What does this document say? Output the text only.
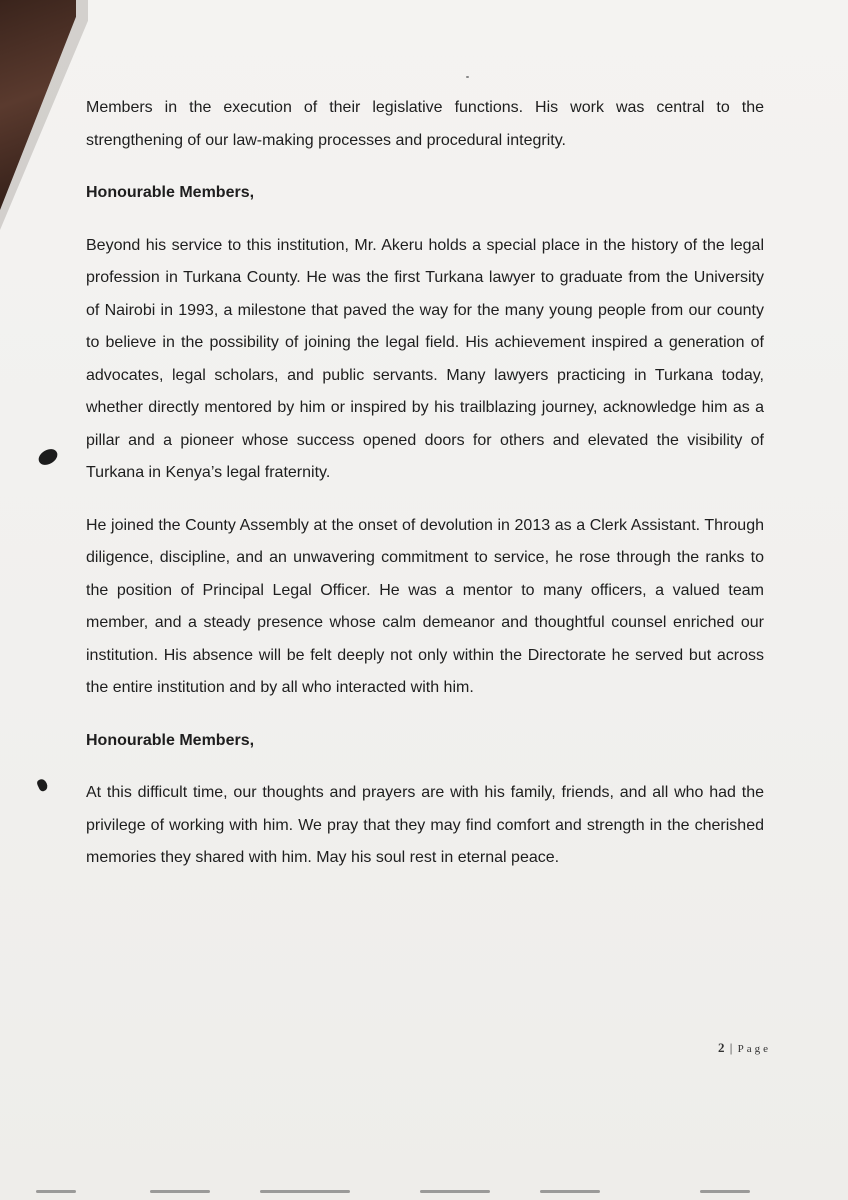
Members in the execution of their legislative functions. His work was central to the strengthening of our law-making processes and procedural integrity.

Honourable Members,

Beyond his service to this institution, Mr. Akeru holds a special place in the history of the legal profession in Turkana County. He was the first Turkana lawyer to graduate from the University of Nairobi in 1993, a milestone that paved the way for the many young people from our county to believe in the possibility of joining the legal field. His achievement inspired a generation of advocates, legal scholars, and public servants. Many lawyers practicing in Turkana today, whether directly mentored by him or inspired by his trailblazing journey, acknowledge him as a pillar and a pioneer whose success opened doors for others and elevated the visibility of Turkana in Kenya’s legal fraternity.

He joined the County Assembly at the onset of devolution in 2013 as a Clerk Assistant. Through diligence, discipline, and an unwavering commitment to service, he rose through the ranks to the position of Principal Legal Officer. He was a mentor to many officers, a valued team member, and a steady presence whose calm demeanor and thoughtful counsel enriched our institution. His absence will be felt deeply not only within the Directorate he served but across the entire institution and by all who interacted with him.

Honourable Members,

At this difficult time, our thoughts and prayers are with his family, friends, and all who had the privilege of working with him. We pray that they may find comfort and strength in the cherished memories they shared with him. May his soul rest in eternal peace.

2 | Page
